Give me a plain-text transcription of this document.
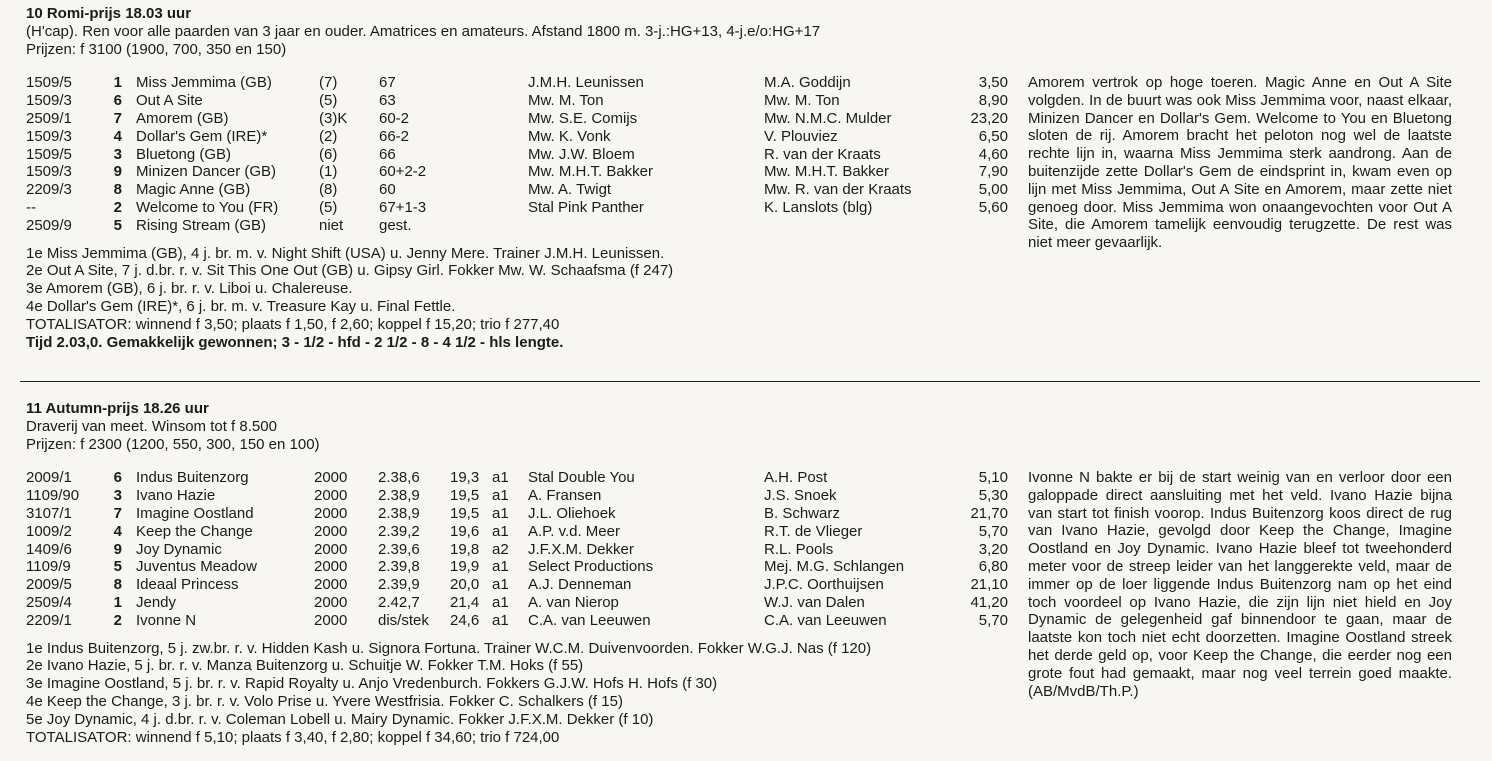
10 Romi-prijs 18.03 uur
(H'cap). Ren voor alle paarden van 3 jaar en ouder. Amatrices en amateurs. Afstand 1800 m. 3-j.:HG+13, 4-j.e/o:HG+17
Prijzen: f 3100 (1900, 700, 350 en 150)
1509/5	1 Miss Jemmima (GB)	(7)	67	J.M.H. Leunissen	M.A. Goddijn	3,50
1509/3	6 Out A Site	(5)	63	Mw. M. Ton	Mw. M. Ton	8,90
2509/1	7 Amorem (GB)	(3)K 60-2	Mw. S.E. Comijs	Mw. N.M.C. Mulder	23,20
1509/3	4 Dollar's Gem (IRE)*	(2)	66-2	Mw. K. Vonk	V. Plouviez	6,50
1509/5	3 Bluetong (GB)	(6)	66	Mw. J.W. Bloem	R. van der Kraats	4,60
1509/3	9 Minizen Dancer (GB)	(1)	60+2-2	Mw. M.H.T. Bakker	Mw. M.H.T. Bakker	7,90
2209/3	8 Magic Anne (GB)	(8)	60	Mw. A. Twigt	Mw. R. van der Kraats	5,00
--	2 Welcome to You (FR)	(5)	67+1-3	Stal Pink Panther	K. Lanslots (blg)	5,60
2509/9	5 Rising Stream (GB)	niet gest.
1e Miss Jemmima (GB), 4 j. br. m. v. Night Shift (USA) u. Jenny Mere. Trainer J.M.H. Leunissen.
2e Out A Site, 7 j. d.br. r. v. Sit This One Out (GB) u. Gipsy Girl. Fokker Mw. W. Schaafsma (f 247)
3e Amorem (GB), 6 j. br. r. v. Liboi u. Chalereuse.
4e Dollar's Gem (IRE)*, 6 j. br. m. v. Treasure Kay u. Final Fettle.
TOTALISATOR: winnend f 3,50; plaats f 1,50, f 2,60; koppel f 15,20; trio f 277,40
Tijd 2.03,0. Gemakkelijk gewonnen; 3 - 1/2 - hfd - 2 1/2 - 8 - 4 1/2 - hls lengte.
Amorem vertrok op hoge toeren. Magic Anne en Out A Site volgden. In de buurt was ook Miss Jemmima voor, naast elkaar, Minizen Dancer en Dollar's Gem. Welcome to You en Bluetong sloten de rij. Amorem bracht het peloton nog wel de laatste rechte lijn in, waarna Miss Jemmima sterk aandrong. Aan de buitenzijde zette Dollar's Gem de eindsprint in, kwam even op lijn met Miss Jemmima, Out A Site en Amorem, maar zette niet genoeg door. Miss Jemmima won onaangevochten voor Out A Site, die Amorem tamelijk eenvoudig terugzette. De rest was niet meer gevaarlijk.
11 Autumn-prijs 18.26 uur
Draverij van meet. Winsom tot f 8.500
Prijzen: f 2300 (1200, 550, 300, 150 en 100)
2009/1	6 Indus Buitenzorg	2000 2.38,6 19,3 a1 Stal Double You	A.H. Post	5,10
1109/90	3 Ivano Hazie	2000 2.38,9 19,5 a1 A. Fransen	J.S. Snoek	5,30
3107/1	7 Imagine Oostland	2000 2.38,9 19,5 a1 J.L. Oliehoek	B. Schwarz	21,70
1009/2	4 Keep the Change	2000 2.39,2 19,6 a1 A.P. v.d. Meer	R.T. de Vlieger	5,70
1409/6	9 Joy Dynamic	2000 2.39,6 19,8 a2 J.F.X.M. Dekker	R.L. Pools	3,20
1109/9	5 Juventus Meadow	2000 2.39,8 19,9 a1 Select Productions	Mej. M.G. Schlangen	6,80
2009/5	8 Ideaal Princess	2000 2.39,9 20,0 a1 A.J. Denneman	J.P.C. Oorthuijsen	21,10
2509/4	1 Jendy	2000 2.42,7 21,4 a1 A. van Nierop	W.J. van Dalen	41,20
2209/1	2 Ivonne N	2000 dis/stek 24,6 a1 C.A. van Leeuwen	C.A. van Leeuwen	5,70
1e Indus Buitenzorg, 5 j. zw.br. r. v. Hidden Kash u. Signora Fortuna. Trainer W.C.M. Duivenvoorden. Fokker W.G.J. Nas (f 120)
2e Ivano Hazie, 5 j. br. r. v. Manza Buitenzorg u. Schuitje W. Fokker T.M. Hoks (f 55)
3e Imagine Oostland, 5 j. br. r. v. Rapid Royalty u. Anjo Vredenburch. Fokkers G.J.W. Hofs H. Hofs (f 30)
4e Keep the Change, 3 j. br. r. v. Volo Prise u. Yvere Westfrisia. Fokker C. Schalkers (f 15)
5e Joy Dynamic, 4 j. d.br. r. v. Coleman Lobell u. Mairy Dynamic. Fokker J.F.X.M. Dekker (f 10)
TOTALISATOR: winnend f 5,10; plaats f 3,40, f 2,80; koppel f 34,60; trio f 724,00
Ivonne N bakte er bij de start weinig van en verloor door een galoppade direct aansluiting met het veld. Ivano Hazie bijna van start tot finish voorop. Indus Buitenzorg koos direct de rug van Ivano Hazie, gevolgd door Keep the Change, Imagine Oostland en Joy Dynamic. Ivano Hazie bleef tot tweehonderd meter voor de streep leider van het langgerekte veld, maar de immer op de loer liggende Indus Buitenzorg nam op het eind toch voordeel op Ivano Hazie, die zijn lijn niet hield en Joy Dynamic de gelegenheid gaf binnendoor te gaan, maar de laatste kon toch niet echt doorzetten. Imagine Oostland streek het derde geld op, voor Keep the Change, die eerder nog een grote fout had gemaakt, maar nog veel terrein goed maakte. (AB/MvdB/Th.P.)
